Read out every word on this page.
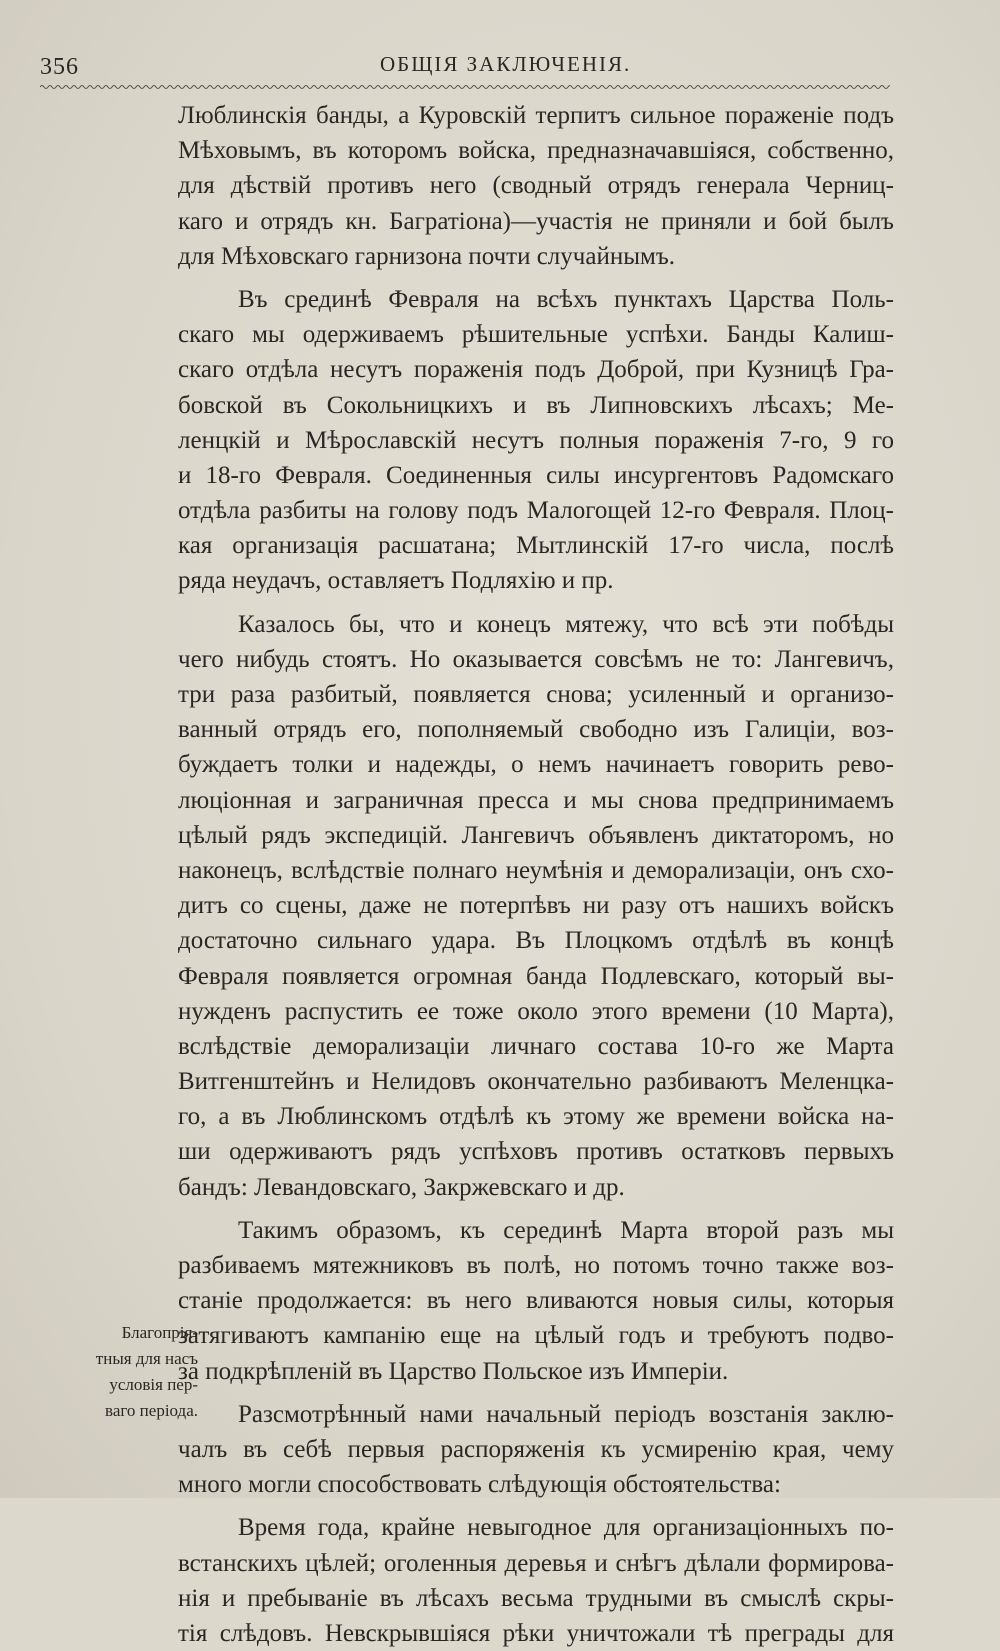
356	ОБЩІЯ ЗАКЛЮЧЕНІЯ.
Люблинскія банды, а Куровскій терпитъ сильное пораженіе подъ
Мѣховымъ, въ которомъ войска, предназначавшіяся, собственно,
для дѣствій противъ него (сводный отрядъ генерала Черниц-
каго и отрядъ кн. Багратіона)—участія не приняли и бой былъ
для Мѣховскаго гарнизона почти случайнымъ.
Въ срединѣ Февраля на всѣхъ пунктахъ Царства Поль-
скаго мы одерживаемъ рѣшительные успѣхи. Банды Калиш-
скаго отдѣла несутъ пораженія подъ Доброй, при Кузницѣ Гра-
бовской въ Сокольницкихъ и въ Липновскихъ лѣсахъ; Ме-
ленцкій и Мѣрославскій несутъ полныя пораженія 7-го, 9 го
и 18-го Февраля. Соединенныя силы инсургентовъ Радомскаго
отдѣла разбиты на голову подъ Малогощей 12-го Февраля. Плоц-
кая организація расшатана; Мытлинскій 17-го числа, послѣ
ряда неудачъ, оставляетъ Подляхію и пр.
Казалось бы, что и конецъ мятежу, что всѣ эти побѣды
чего нибудь стоятъ. Но оказывается совсѣмъ не то: Лангевичъ,
три раза разбитый, появляется снова; усиленный и организо-
ванный отрядъ его, пополняемый свободно изъ Галиціи, воз-
буждаетъ толки и надежды, о немъ начинаетъ говорить рево-
люціонная и заграничная пресса и мы снова предпринимаемъ
цѣлый рядъ экспедицій. Лангевичъ объявленъ диктаторомъ, но
наконецъ, вслѣдствіе полнаго неумѣнія и деморализаціи, онъ схо-
дитъ со сцены, даже не потерпѣвъ ни разу отъ нашихъ войскъ
достаточно сильнаго удара. Въ Плоцкомъ отдѣлѣ въ концѣ
Февраля появляется огромная банда Подлевскаго, который вы-
нужденъ распустить ее тоже около этого времени (10 Марта),
вслѣдствіе деморализаціи личнаго состава 10-го же Марта
Витгенштейнъ и Нелидовъ окончательно разбиваютъ Меленцка-
го, а въ Люблинскомъ отдѣлѣ къ этому же времени войска на-
ши одерживаютъ рядъ успѣховъ противъ остатковъ первыхъ
бандъ: Левандовскаго, Закржевскаго и др.
Такимъ образомъ, къ серединѣ Марта второй разъ мы
разбиваемъ мятежниковъ въ полѣ, но потомъ точно также воз-
станіе продолжается: въ него вливаются новыя силы, которыя
затягиваютъ кампанію еще на цѣлый годъ и требуютъ подво-
за подкрѣпленій въ Царство Польское изъ Имперіи.
Разсмотрѣнный нами начальный періодъ возстанія заклю-
чалъ въ себѣ первыя распоряженія къ усмиренію края, чему
много могли способствовать слѣдующія обстоятельства:
Время года, крайне невыгодное для организаціонныхъ по-
встанскихъ цѣлей; оголенныя деревья и снѣгъ дѣлали формирова-
нія и пребываніе въ лѣсахъ весьма трудными въ смыслѣ скры-
тія слѣдовъ. Невскрывшіяся рѣки уничтожали тѣ преграды для
Благопрія-
тныя для насъ
условія пер-
ваго періода.
